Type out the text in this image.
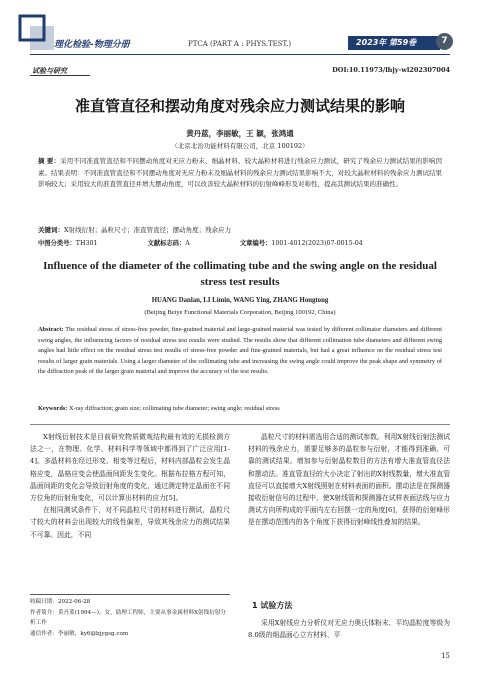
理化检验-物理分册	PTCA (PART A : PHYS.TEST.)	2023年 第59卷	7
试验与研究	DOI:10.11973/lhjy-wl202307004
准直管直径和摆动角度对残余应力测试结果的影响
黄丹蓝，李丽敏，王 颖，张鸿通
（北京北治功能材料有限公司，北京 100192）
摘 要：采用不同准直管直径和不同摆动角度对无应力粉末、细晶材料、较大晶粒材料进行残余应力测试，研究了残余应力测试结果的影响因素。结果表明：不同准直管直径和不同摆动角度对无应力粉末及细晶材料的残余应力测试结果影响不大，对较大晶粒材料的残余应力测试结果影响较大；采用较大的准直管直径并增大摆动角度，可以改善较大晶粒材料的衍射峰峰形及对称性，提高其测试结果的准确性。
关键词：X射线衍射；晶粒尺寸；准直管直径；摆动角度；残余应力
中图分类号：TH301	文献标志码：A	文章编号：1001-4012(2023)07-0015-04
Influence of the diameter of the collimating tube and the swing angle on the residual stress test results
HUANG Danlan, LI Limin, WANG Ying, ZHANG Hongtong
(Beijing Beiye Functional Materials Corporation, Beijing 100192, China)
Abstract: The residual stress of stress-free powder, fine-grained material and large-grained material was tested by different collimator diameters and different swing angles, the influencing factors of residual stress test results were studied. The results show that different collimation tube diameters and different swing angles had little effect on the residual stress test results of stress-free powder and fine-grained materials, but had a great influence on the residual stress test results of larger grain materials. Using a larger diameter of the collimating tube and increasing the swing angle could improve the peak shape and symmetry of the diffraction peak of the larger grain material and improve the accuracy of the test results.
Keywords: X-ray diffraction; grain size; collimating tube diameter; swing angle; residual stress

X射线衍射技术是目前研究物质微观结构最有效的无损检测方法之一，在物理、化学、材料科学等领域中都得到了广泛应用[1-4]。多晶材料在经过形变、相变等过程后，材料内部晶粒会发生晶格应变，晶格应变会使晶面间距发生变化。根据布拉格方程可知，晶面间距的变化会导致衍射角度的变化，通过测定特定晶面在不同方位角的衍射角变化，可以计算出材料的应力[5]。

在相同测试条件下，对不同晶粒尺寸的材料进行测试，晶粒尺寸较大的材料会出现较大的线性偏差，导致其残余应力的测试结果不可靠。因此，不同

晶粒尺寸的材料需选用合适的测试参数。利用X射线衍射法测试材料的残余应力，需要足够多的晶粒参与衍射，才能得到准确、可靠的测试结果。增加参与衍射晶粒数目的方法有增大准直管直径法和摆动法。准直管直径的大小决定了射出的X射线数量，增大准直管直径可以直接增大X射线照射在材料表面的面积。摆动法是在探测器接收衍射信号的过程中，使X射线管和探测器在试样表面法线与应力测试方向所构成的平面内左右回摆一定的角度[6]，获得的衍射峰形是在摆动范围内的各个角度下获得衍射峰线性叠加的结果。

收稿日期：2022-06-28
作者简介：黄丹蓝(1994—)，女，助理工程师，主要从事金属材料X射线衍射分析工作
通信作者：李丽敏，ky6@bjygsg.com
1 试验方法

采用X射线应力分析仪对无应力奥氏体粉末、平均晶粒度等级为8.0级的细晶面心立方材料、平

15
